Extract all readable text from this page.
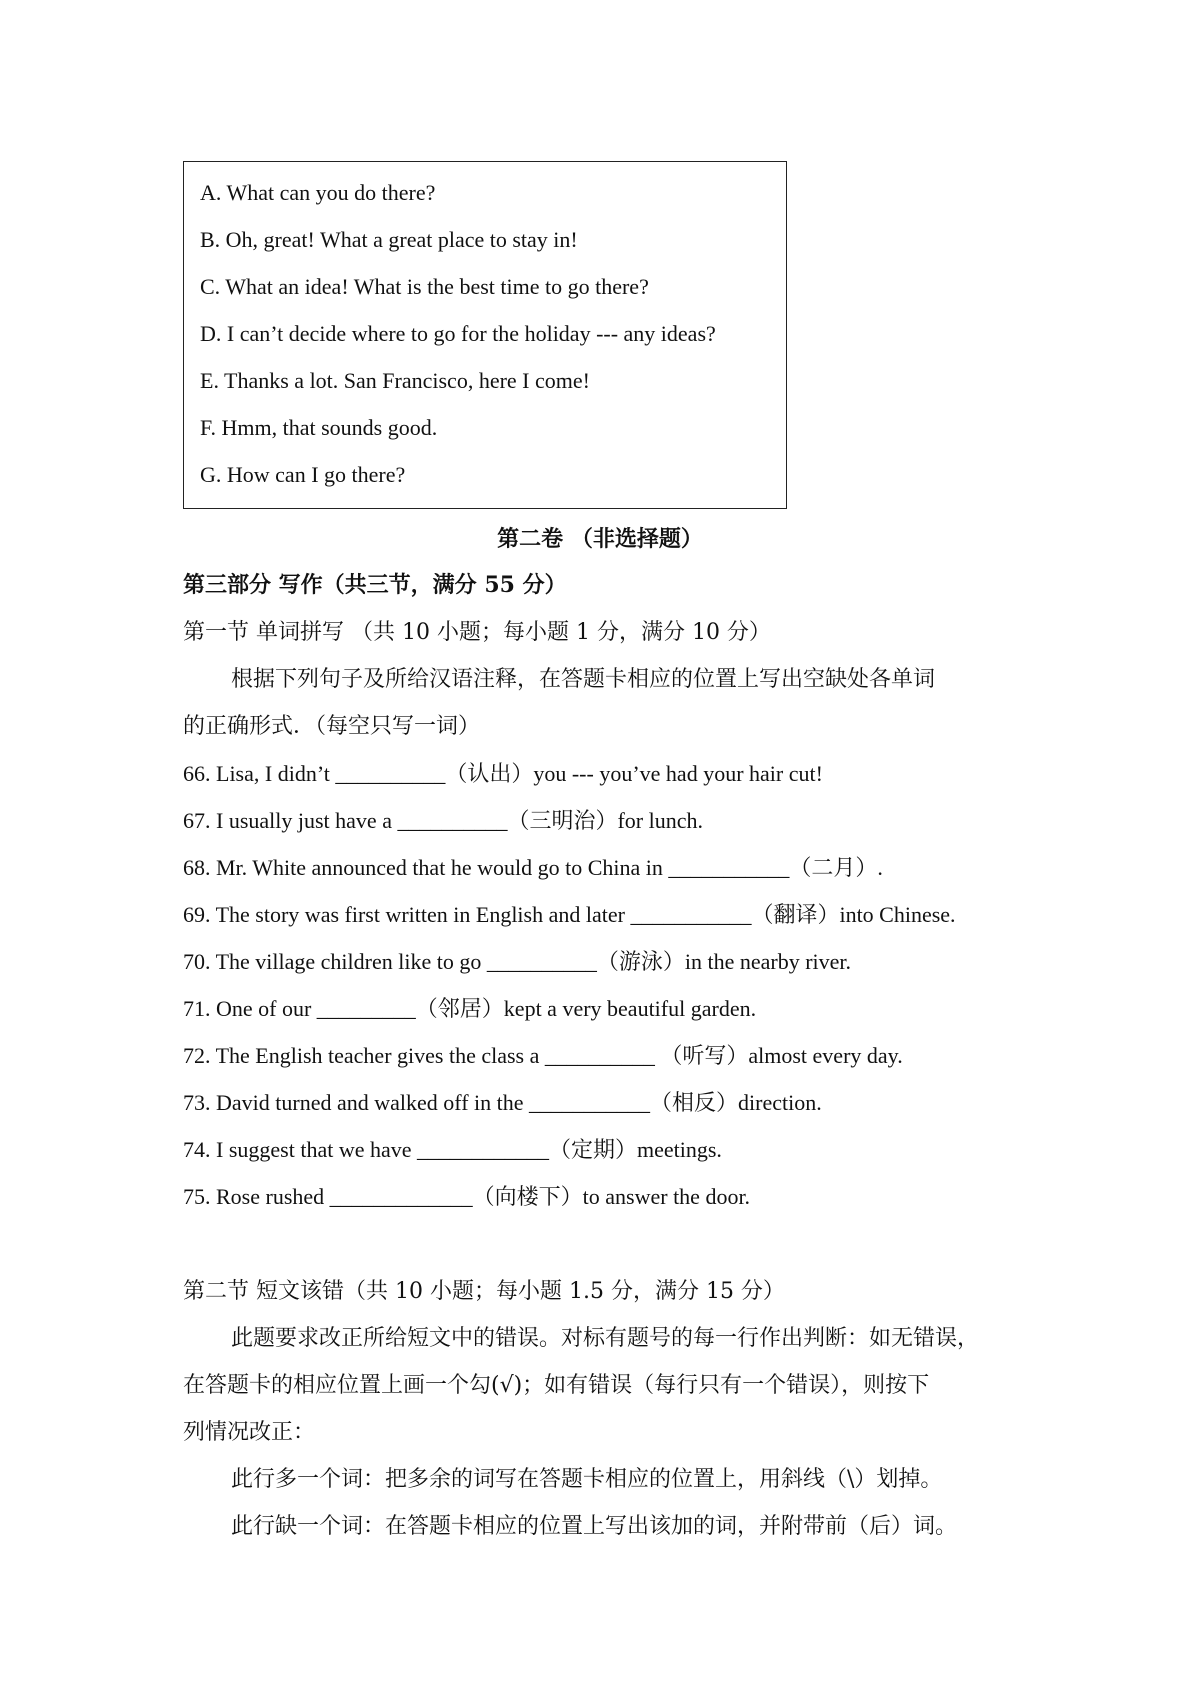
A. What can you do there?
B. Oh, great! What a great place to stay in!
C. What an idea! What is the best time to go there?
D. I can’t decide where to go for the holiday --- any ideas?
E. Thanks a lot. San Francisco, here I come!
F. Hmm, that sounds good.
G. How can I go there?
第二卷 （非选择题）
第三部分 写作（共三节，满分 55 分）
第一节 单词拼写 （共 10 小题；每小题 1 分，满分 10 分）
根据下列句子及所给汉语注释，在答题卡相应的位置上写出空缺处各单词
的正确形式．（每空只写一词）
66. Lisa, I didn’t __________（认出）you --- you’ve had your hair cut!
67. I usually just have a __________（三明治）for lunch.
68. Mr. White announced that he would go to China in ___________（二月）.
69. The story was first written in English and later ___________（翻译）into Chinese.
70. The village children like to go __________（游泳）in the nearby river.
71. One of our _________（邻居）kept a very beautiful garden.
72. The English teacher gives the class a __________ （听写）almost every day.
73. David turned and walked off in the ___________（相反）direction.
74. I suggest that we have ____________（定期）meetings.
75. Rose rushed _____________（向楼下）to answer the door.
第二节 短文该错（共 10 小题；每小题 1.5 分，满分 15 分）
此题要求改正所给短文中的错误。对标有题号的每一行作出判断：如无错误，
在答题卡的相应位置上画一个勾(√)；如有错误（每行只有一个错误），则按下
列情况改正：
此行多一个词：把多余的词写在答题卡相应的位置上，用斜线（\）划掉。
此行缺一个词：在答题卡相应的位置上写出该加的词，并附带前（后）词。
